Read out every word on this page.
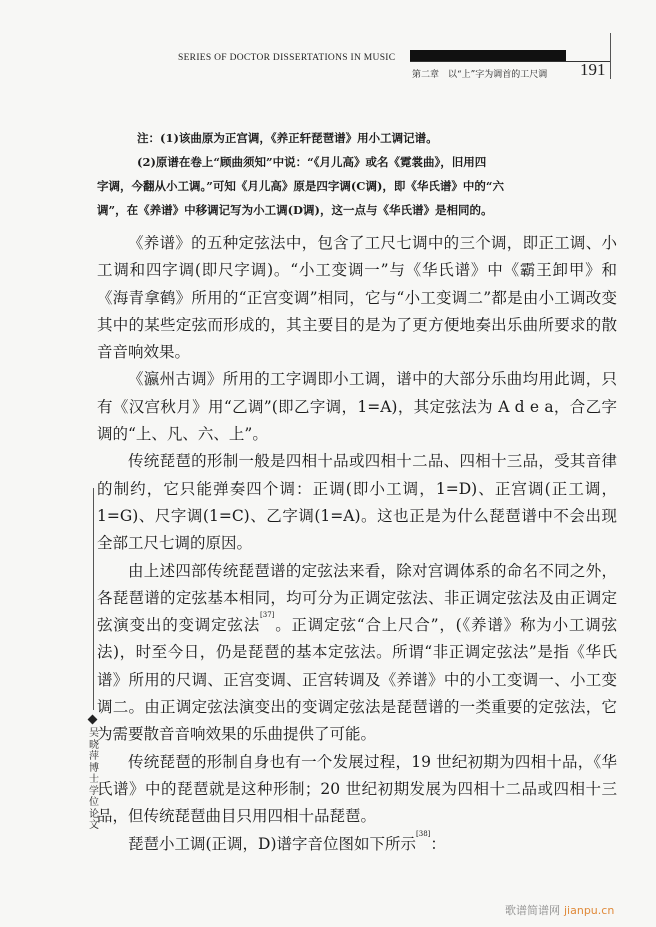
SERIES OF DOCTOR DISSERTATIONS IN MUSIC
第二章　以“上”字为调首的工尺调 191

注：(1)该曲原为正宫调，《养正轩琵琶谱》用小工调记谱。

(2)原谱在卷上“顾曲须知”中说：“《月儿高》或名《霓裳曲》，旧用四

字调，今翻从小工调。”可知《月儿高》原是四字调(C调)，即《华氏谱》中的“六

调”，在《养谱》中移调记写为小工调(D调)，这一点与《华氏谱》是相同的。

《养谱》的五种定弦法中，包含了工尺七调中的三个调，即正工调、小工调和四字调(即尺字调)。“小工变调一”与《华氏谱》中《霸王卸甲》和《海青拿鹤》所用的“正宫变调”相同，它与“小工变调二”都是由小工调改变其中的某些定弦而形成的，其主要目的是为了更方便地奏出乐曲所要求的散音音响效果。

《瀛州古调》所用的工字调即小工调，谱中的大部分乐曲均用此调，只有《汉宫秋月》用“乙调”(即乙字调，1=A)，其定弦法为 A d e a，合乙字调的“上、凡、六、上”。

传统琵琶的形制一般是四相十品或四相十二品、四相十三品，受其音律的制约，它只能弹奏四个调：正调(即小工调，1=D)、正宫调(正工调，1=G)、尺字调(1=C)、乙字调(1=A)。这也正是为什么琵琶谱中不会出现全部工尺七调的原因。

由上述四部传统琵琶谱的定弦法来看，除对宫调体系的命名不同之外，各琵琶谱的定弦基本相同，均可分为正调定弦法、非正调定弦法及由正调定弦演变出的变调定弦法[37]。正调定弦“合上尺合”，(《养谱》称为小工调弦法)，时至今日，仍是琵琶的基本定弦法。所谓“非正调定弦法”是指《华氏谱》所用的尺调、正宫变调、正宫转调及《养谱》中的小工变调一、小工变调二。由正调定弦法演变出的变调定弦法是琵琶谱的一类重要的定弦法，它为需要散音音响效果的乐曲提供了可能。

传统琵琶的形制自身也有一个发展过程，19 世纪初期为四相十品，《华氏谱》中的琵琶就是这种形制；20 世纪初期发展为四相十二品或四相十三品，但传统琵琶曲目只用四相十品琵琶。

琵琶小工调(正调，D)谱字音位图如下所示[38]：

吴晓萍博士学位论文
歌谱简谱网 jianpu.cn
